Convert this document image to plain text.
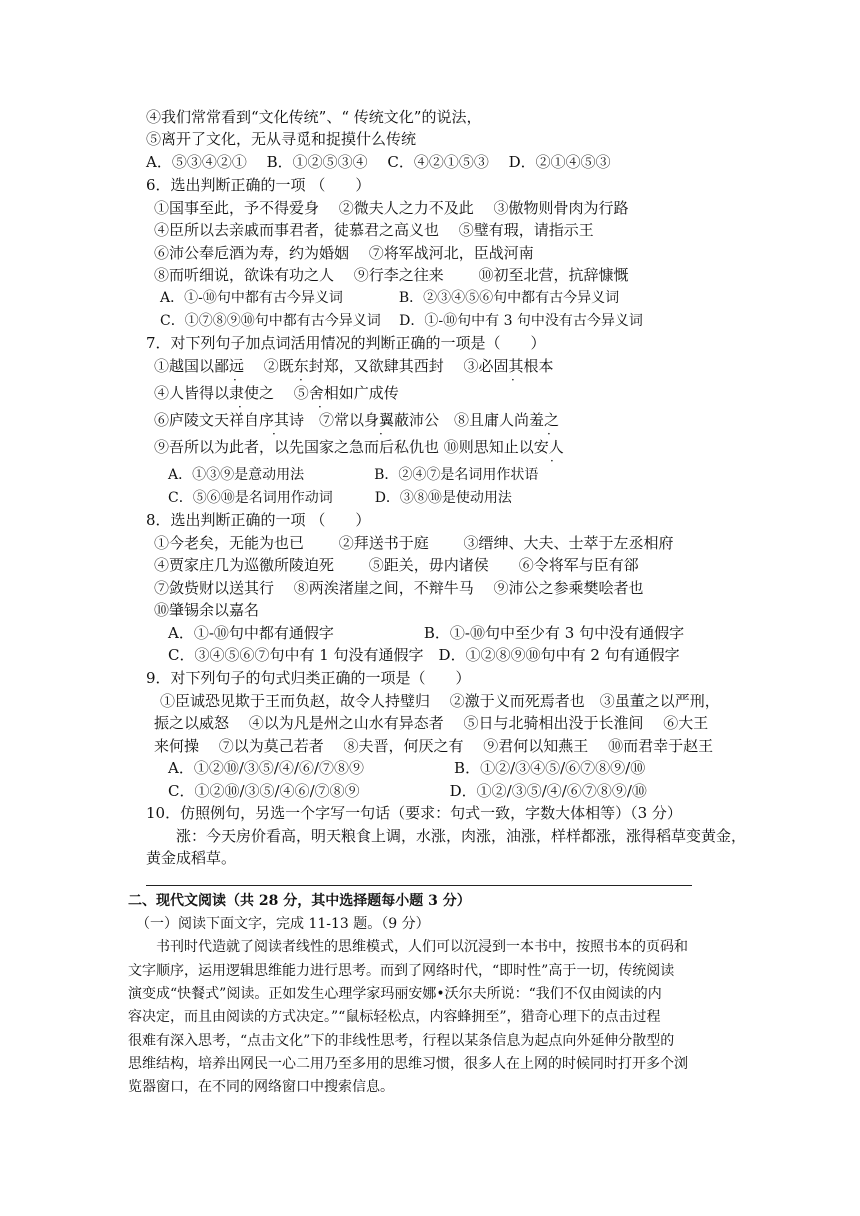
④我们常常看到“文化传统”、“ 传统文化”的说法，
⑤离开了文化，无从寻觅和捉摸什么传统
A．⑤③④②①　 B．①②⑤③④　 C．④②①⑤③　 D．②①④⑤③
6．选出判断正确的一项 （　　）
①国事至此，予不得爱身　 ②微夫人之力不及此　 ③傲物则骨肉为行路
④臣所以去亲戚而事君者，徒慕君之高义也　 ⑤璧有瑕，请指示王
⑥沛公奉卮酒为寿，约为婚姻　 ⑦将军战河北，臣战河南
⑧而听细说，欲诛有功之人　 ⑨行李之往来　　 ⑩初至北营，抗辞慷慨
A．①-⑩句中都有古今异义词　　　　B．②③④⑤⑥句中都有古今异义词
C．①⑦⑧⑨⑩句中都有古今异义词　 D．①-⑩句中有 3 句中没有古今异义词
7．对下列句子加点词活用情况的判断正确的一项是（　　）
①越国以鄙远　 ②既东封郑，又欲肆其西封　 ③必固其根本
④人皆得以隶使之　 ⑤舍相如广成传
⑥庐陵文天祥自序其诗　⑦常以身翼蔽沛公　⑧且庸人尚羞之
⑨吾所以为此者，以先国家之急而后私仇也 ⑩则思知止以安人
A．①③⑨是意动用法　　　　　B．②④⑦是名词用作状语
C．⑤⑥⑩是名词用作动词　　　D．③⑧⑩是使动用法
·	·	·
·	·
·	·	·
·
8．选出判断正确的一项 （　　）
①今老矣，无能为也已　　 ②拜送书于庭　　 ③缙绅、大夫、士萃于左丞相府
④贾家庄几为巡徼所陵迫死　　 ⑤距关，毋内诸侯　　⑥令将军与臣有郤
⑦敛赀财以送其行　 ⑧两涘渚崖之间，不辩牛马　 ⑨沛公之参乘樊哙者也
⑩肇锡余以嘉名
A．①-⑩句中都有通假字　　　　　　B．①-⑩句中至少有 3 句中没有通假字
C．③④⑤⑥⑦句中有 1 句没有通假字　D．①②⑧⑨⑩句中有 2 句有通假字
9．对下列句子的句式归类正确的一项是（　　）
①臣诚恐见欺于王而负赵，故令人持璧归　 ②激于义而死焉者也　③虽董之以严刑，
振之以威怒　 ④以为凡是州之山水有异态者　 ⑤日与北骑相出没于长淮间　 ⑥大王
来何操　 ⑦以为莫己若者　 ⑧夫晋，何厌之有　 ⑨君何以知燕王　 ⑩而君幸于赵王
A．①②⑩/③⑤/④/⑥/⑦⑧⑨　　　　　　B．①②/③④⑤/⑥⑦⑧⑨/⑩
C．①②⑩/③⑤/④⑥/⑦⑧⑨　　　　　　D．①②/③⑤/④/⑥⑦⑧⑨/⑩
10．仿照例句，另选一个字写一句话（要求：句式一致，字数大体相等）（3 分）
涨：今天房价看高，明天粮食上调，水涨，肉涨，油涨，样样都涨，涨得稻草变黄金，
黄金成稻草。
二、现代文阅读（共 28 分，其中选择题每小题 3 分）
（一）阅读下面文字，完成 11-13 题。（9 分）
书刊时代造就了阅读者线性的思维模式，人们可以沉浸到一本书中，按照书本的页码和
文字顺序，运用逻辑思维能力进行思考。而到了网络时代，“即时性”高于一切，传统阅读
演变成“快餐式”阅读。正如发生心理学家玛丽安娜•沃尔夫所说：“我们不仅由阅读的内
容决定，而且由阅读的方式决定。”“鼠标轻松点，内容蜂拥至”，猎奇心理下的点击过程
很难有深入思考，“点击文化”下的非线性思考，行程以某条信息为起点向外延伸分散型的
思维结构，培养出网民一心二用乃至多用的思维习惯，很多人在上网的时候同时打开多个浏
览器窗口，在不同的网络窗口中搜索信息。
